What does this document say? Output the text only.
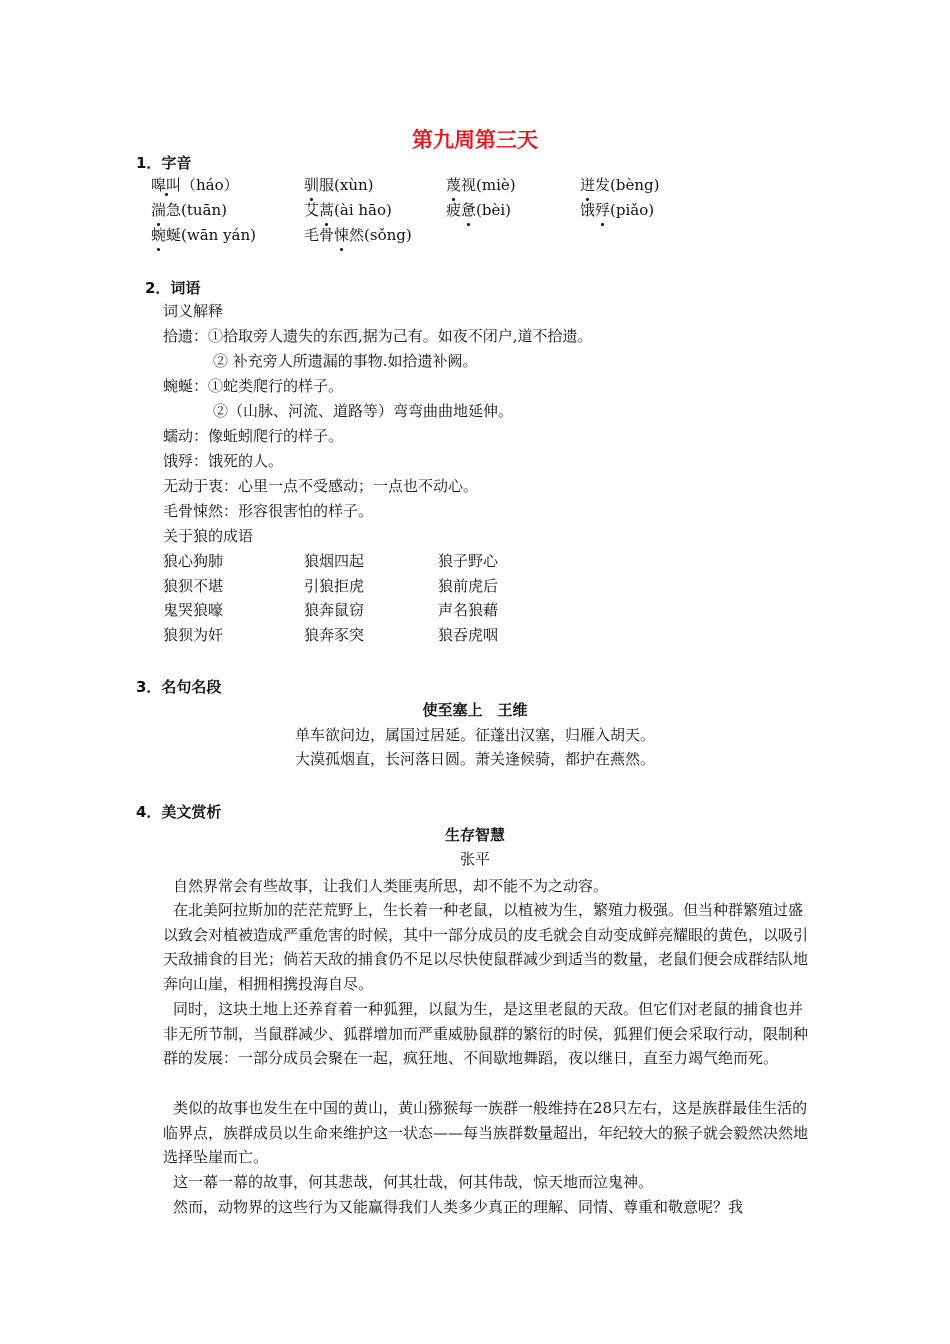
第九周第三天
1．字音
嗥叫（háo）	驯服(xùn)	蔑视(miè)	迸发(bèng)
湍急(tuān)	艾蒿(ài hāo)	疲惫(bèi)	饿殍(piǎo)
蜿蜒(wān yán)	毛骨悚然(sǒng)
2．词语
词义解释
拾遗：①拾取旁人遗失的东西,据为己有。如夜不闭户,道不拾遗。
② 补充旁人所遗漏的事物.如拾遗补阙。
蜿蜒：①蛇类爬行的样子。
②（山脉、河流、道路等）弯弯曲曲地延伸。
蠕动：像蚯蚓爬行的样子。
饿殍：饿死的人。
无动于衷：心里一点不受感动；一点也不动心。
毛骨悚然：形容很害怕的样子。
关于狼的成语
狼心狗肺	狼烟四起	狼子野心
狼狈不堪	引狼拒虎	狼前虎后
鬼哭狼嚎	狼奔鼠窃	声名狼藉
狼狈为奸	狼奔豕突	狼吞虎咽
3．名句名段
使至塞上　王维
单车欲问边，属国过居延。征蓬出汉塞，归雁入胡天。
大漠孤烟直，长河落日圆。萧关逢候骑，都护在燕然。
4．美文赏析
生存智慧
张平
自然界常会有些故事，让我们人类匪夷所思，却不能不为之动容。
在北美阿拉斯加的茫茫荒野上，生长着一种老鼠，以植被为生，繁殖力极强。但当种群繁殖过盛以致会对植被造成严重危害的时候，其中一部分成员的皮毛就会自动变成鲜亮耀眼的黄色，以吸引天敌捕食的目光；倘若天敌的捕食仍不足以尽快使鼠群减少到适当的数量，老鼠们便会成群结队地奔向山崖，相拥相携投海自尽。
同时，这块土地上还养育着一种狐狸，以鼠为生，是这里老鼠的天敌。但它们对老鼠的捕食也并非无所节制，当鼠群减少、狐群增加而严重威胁鼠群的繁衍的时侯，狐狸们便会采取行动，限制种群的发展：一部分成员会聚在一起，疯狂地、不间歇地舞蹈，夜以继日，直至力竭气绝而死。
类似的故事也发生在中国的黄山，黄山猕猴每一族群一般维持在28只左右，这是族群最佳生活的临界点，族群成员以生命来维护这一状态——每当族群数量超出，年纪较大的猴子就会毅然决然地选择坠崖而亡。
这一幕一幕的故事，何其悲哉，何其壮哉，何其伟哉，惊天地而泣鬼神。
然而，动物界的这些行为又能赢得我们人类多少真正的理解、同情、尊重和敬意呢？我
